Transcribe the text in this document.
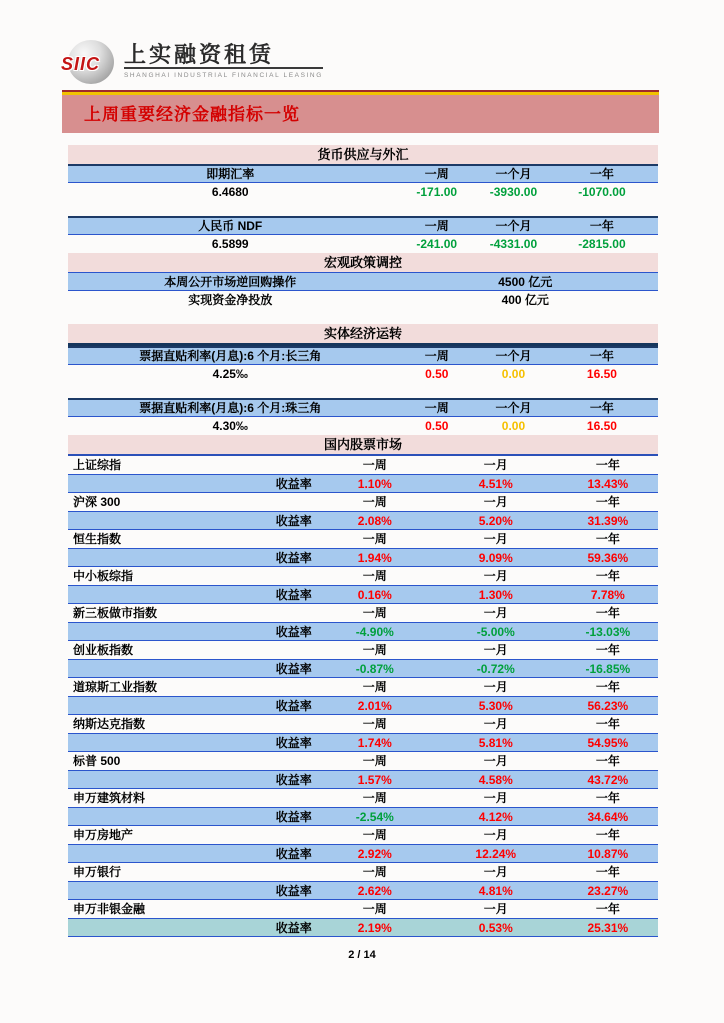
SIIC 上实融资租赁
SHANGHAI INDUSTRIAL FINANCIAL LEASING
上周重要经济金融指标一览
货币供应与外汇
即期汇率	一周	一个月	一年
6.4680	-171.00	-3930.00	-1070.00
人民币 NDF	一周	一个月	一年
6.5899	-241.00	-4331.00	-2815.00
宏观政策调控
本周公开市场逆回购操作	4500 亿元
实现资金净投放	400 亿元
实体经济运转
票据直贴利率(月息):6 个月:长三角	一周	一个月	一年
4.25‰	0.50	0.00	16.50
票据直贴利率(月息):6 个月:珠三角	一周	一个月	一年
4.30‰	0.50	0.00	16.50
国内股票市场
上证综指	一周	一月	一年
收益率	1.10%	4.51%	13.43%
沪深 300	一周	一月	一年
收益率	2.08%	5.20%	31.39%
恒生指数	一周	一月	一年
收益率	1.94%	9.09%	59.36%
中小板综指	一周	一月	一年
收益率	0.16%	1.30%	7.78%
新三板做市指数	一周	一月	一年
收益率	-4.90%	-5.00%	-13.03%
创业板指数	一周	一月	一年
收益率	-0.87%	-0.72%	-16.85%
道琼斯工业指数	一周	一月	一年
收益率	2.01%	5.30%	56.23%
纳斯达克指数	一周	一月	一年
收益率	1.74%	5.81%	54.95%
标普 500	一周	一月	一年
收益率	1.57%	4.58%	43.72%
申万建筑材料	一周	一月	一年
收益率	-2.54%	4.12%	34.64%
申万房地产	一周	一月	一年
收益率	2.92%	12.24%	10.87%
申万银行	一周	一月	一年
收益率	2.62%	4.81%	23.27%
申万非银金融	一周	一月	一年
收益率	2.19%	0.53%	25.31%
2 / 14
